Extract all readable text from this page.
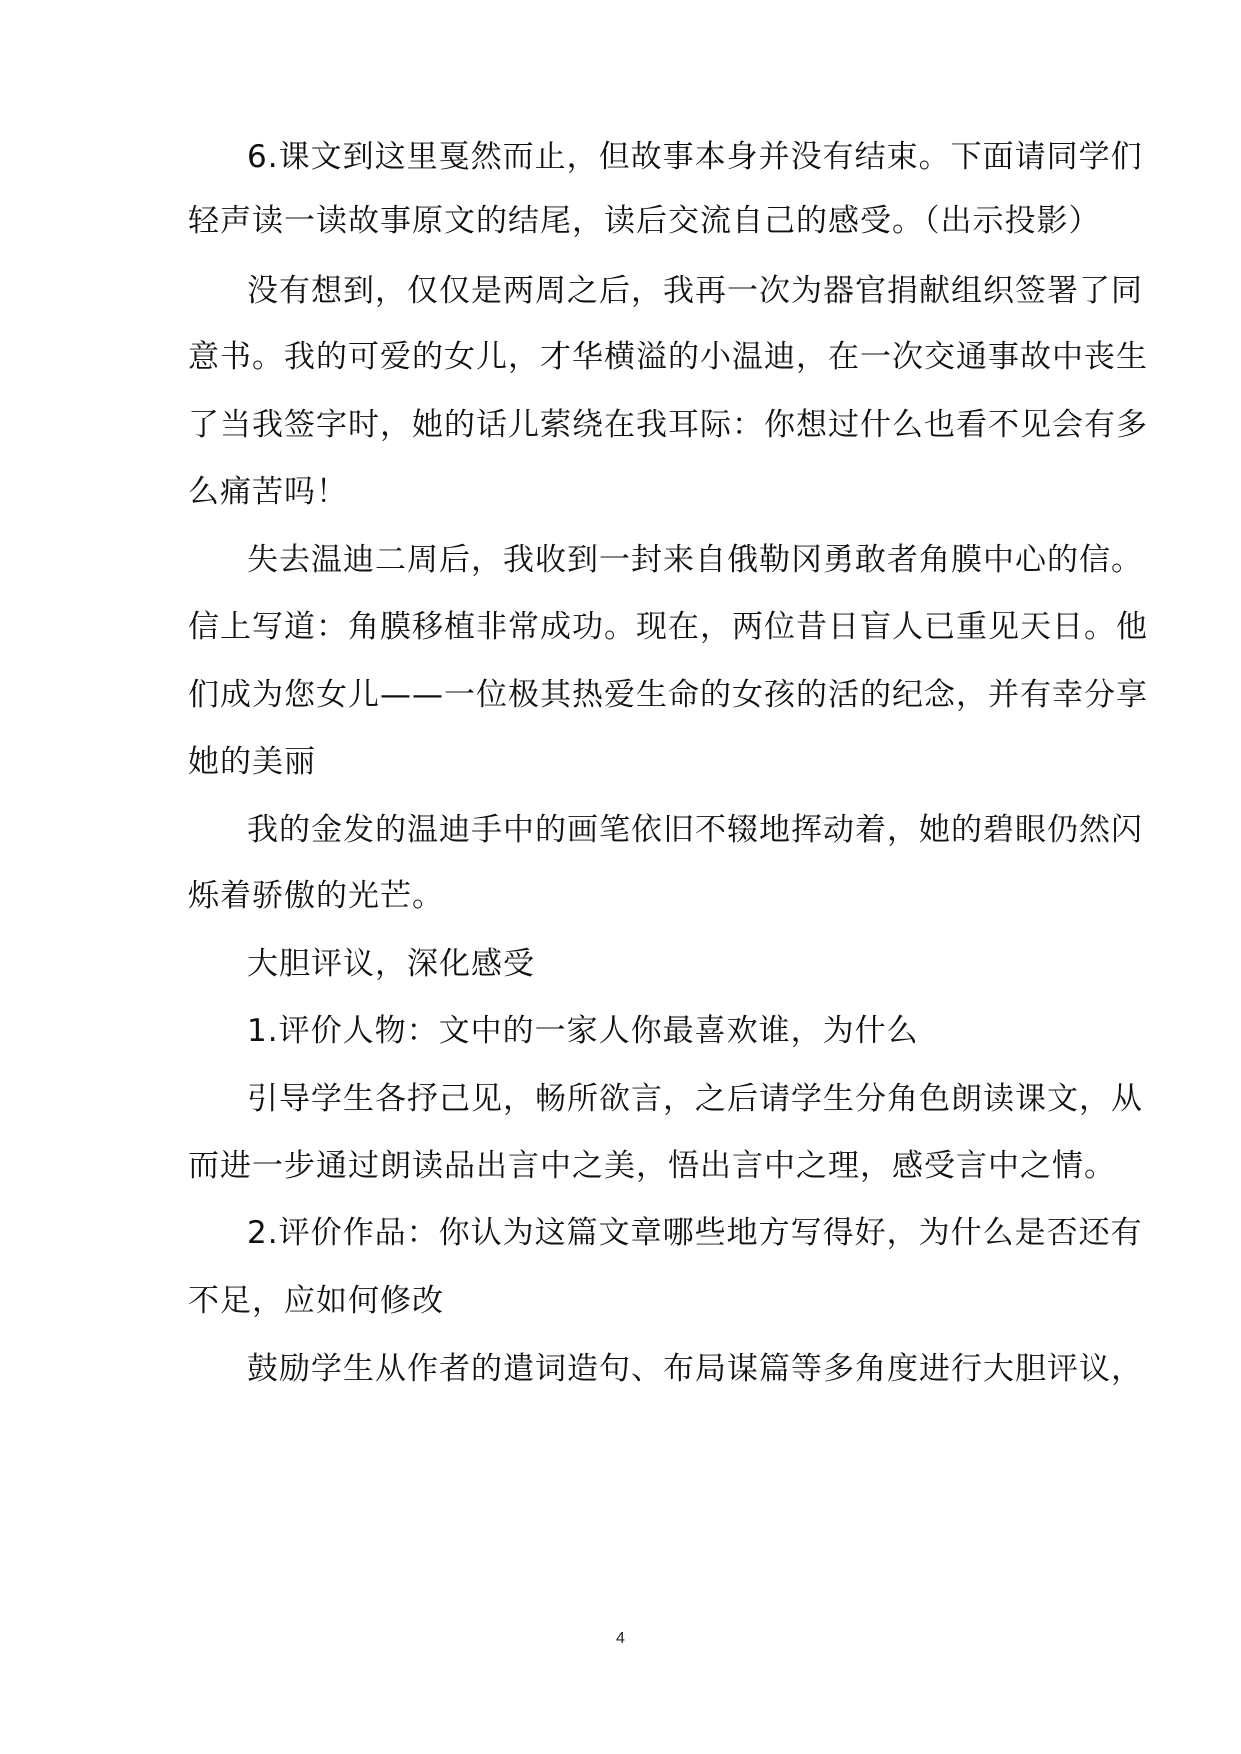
6.课文到这里戛然而止，但故事本身并没有结束。下面请同学们
轻声读一读故事原文的结尾，读后交流自己的感受。（出示投影）
没有想到，仅仅是两周之后，我再一次为器官捐献组织签署了同
意书。我的可爱的女儿，才华横溢的小温迪，在一次交通事故中丧生
了当我签字时，她的话儿萦绕在我耳际：你想过什么也看不见会有多
么痛苦吗！
失去温迪二周后，我收到一封来自俄勒冈勇敢者角膜中心的信。
信上写道：角膜移植非常成功。现在，两位昔日盲人已重见天日。他
们成为您女儿——一位极其热爱生命的女孩的活的纪念，并有幸分享
她的美丽
我的金发的温迪手中的画笔依旧不辍地挥动着，她的碧眼仍然闪
烁着骄傲的光芒。
大胆评议，深化感受
1.评价人物：文中的一家人你最喜欢谁，为什么
引导学生各抒己见，畅所欲言，之后请学生分角色朗读课文，从
而进一步通过朗读品出言中之美，悟出言中之理，感受言中之情。
2.评价作品：你认为这篇文章哪些地方写得好，为什么是否还有
不足，应如何修改
鼓励学生从作者的遣词造句、布局谋篇等多角度进行大胆评议，
4
